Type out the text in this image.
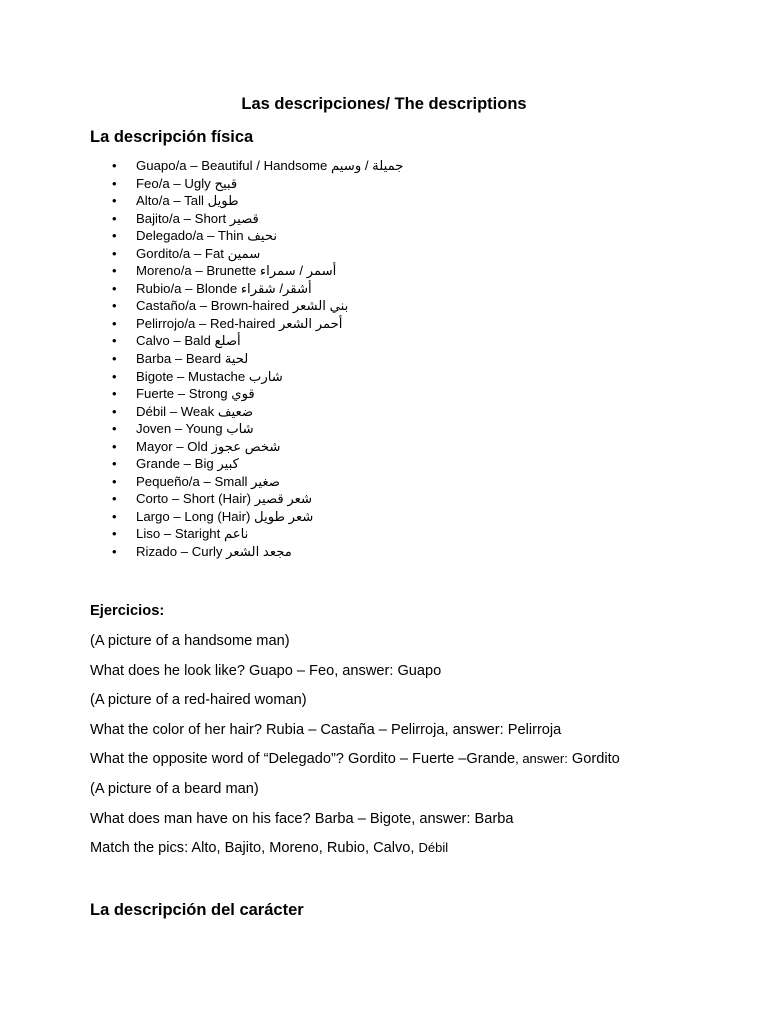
Las descripciones/ The descriptions
La descripción física
• Guapo/a – Beautiful / Handsome جميلة / وسيم
• Feo/a – Ugly قبيح
• Alto/a – Tall طويل
• Bajito/a – Short قصير
• Delegado/a – Thin نحيف
• Gordito/a – Fat سمين
• Moreno/a – Brunette أسمر / سمراء
• Rubio/a – Blonde أشقر/ شقراء
• Castaño/a – Brown-haired بني الشعر
• Pelirrojo/a – Red-haired أحمر الشعر
• Calvo – Bald أصلع
• Barba – Beard لحية
• Bigote – Mustache شارب
• Fuerte – Strong قوي
• Débil – Weak ضعيف
• Joven – Young شاب
• Mayor – Old شخص عجوز
• Grande – Big كبير
• Pequeño/a – Small صغير
• Corto – Short (Hair) شعر قصير
• Largo – Long (Hair) شعر طويل
• Liso – Staright ناعم
• Rizado – Curly مجعد الشعر
Ejercicios:
(A picture of a handsome man)
What does he look like? Guapo – Feo, answer: Guapo
(A picture of a red-haired woman)
What the color of her hair? Rubia – Castaña – Pelirroja, answer: Pelirroja
What the opposite word of “Delegado”? Gordito – Fuerte –Grande, answer: Gordito
(A picture of a beard man)
What does man have on his face? Barba – Bigote, answer: Barba
Match the pics: Alto, Bajito, Moreno, Rubio, Calvo, Débil
La descripción del carácter
